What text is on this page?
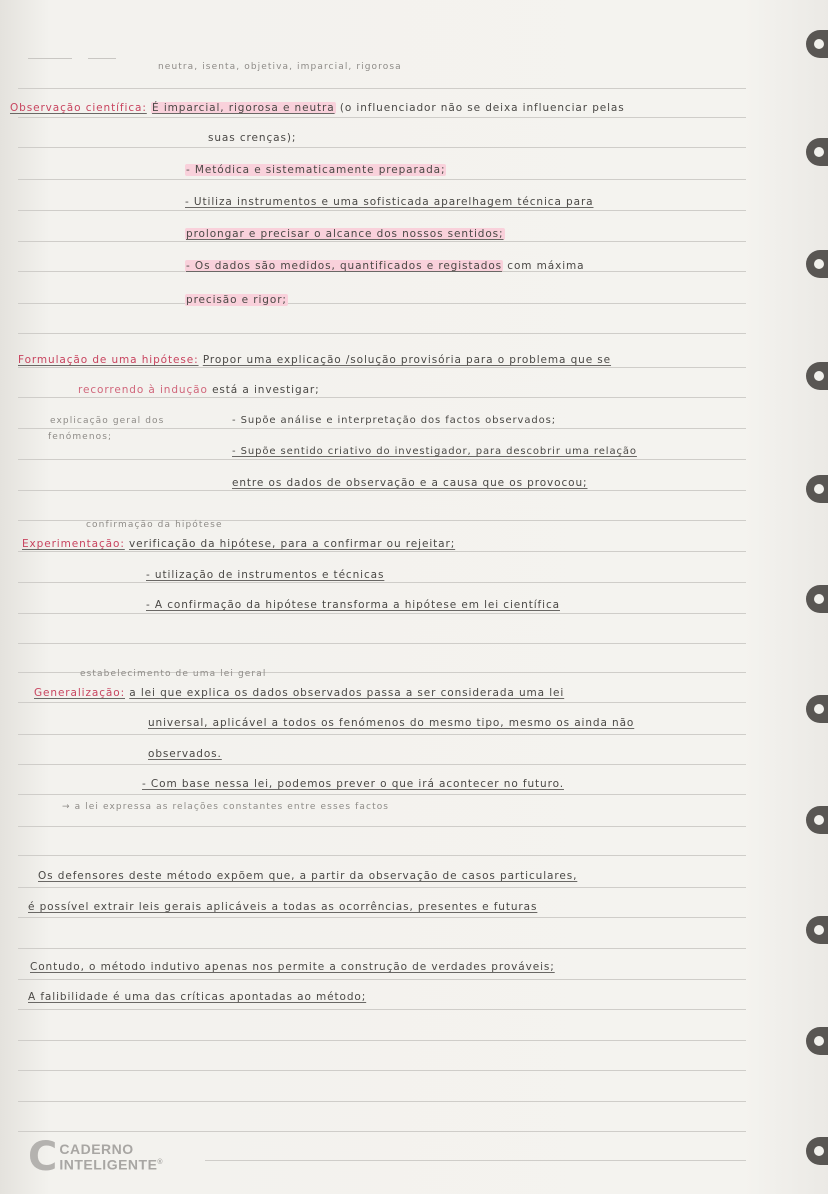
neutra, isenta, objetiva, imparcial, rigorosa
Observação científica: É imparcial, rigorosa e neutra (o influenciador não se deixa influenciar pelas
suas crenças);
- Metódica e sistematicamente preparada;
- Utiliza instrumentos e uma sofisticada aparelhagem técnica para
prolongar e precisar o alcance dos nossos sentidos;
- Os dados são medidos, quantificados e registados com máxima
precisão e rigor;
Formulação de uma hipótese: Propor uma explicação /solução provisória para o problema que se
recorrendo à indução está a investigar;
explicação geral dos
fenómenos;
- Supõe análise e interpretação dos factos observados;
- Supõe sentido criativo do investigador, para descobrir uma relação
entre os dados de observação e a causa que os provocou;
confirmação da hipótese
Experimentação: verificação da hipótese, para a confirmar ou rejeitar;
- utilização de instrumentos e técnicas
- A confirmação da hipótese transforma a hipótese em lei científica
estabelecimento de uma lei geral
Generalização: a lei que explica os dados observados passa a ser considerada uma lei
universal, aplicável a todos os fenómenos do mesmo tipo, mesmo os ainda não
observados.
- Com base nessa lei, podemos prever o que irá acontecer no futuro.
→ a lei expressa as relações constantes entre esses factos
Os defensores deste método expõem que, a partir da observação de casos particulares,
é possível extrair leis gerais aplicáveis a todas as ocorrências, presentes e futuras
Contudo, o método indutivo apenas nos permite a construção de verdades prováveis;
A falibilidade é uma das críticas apontadas ao método;
C CADERNO
INTELIGENTE®
